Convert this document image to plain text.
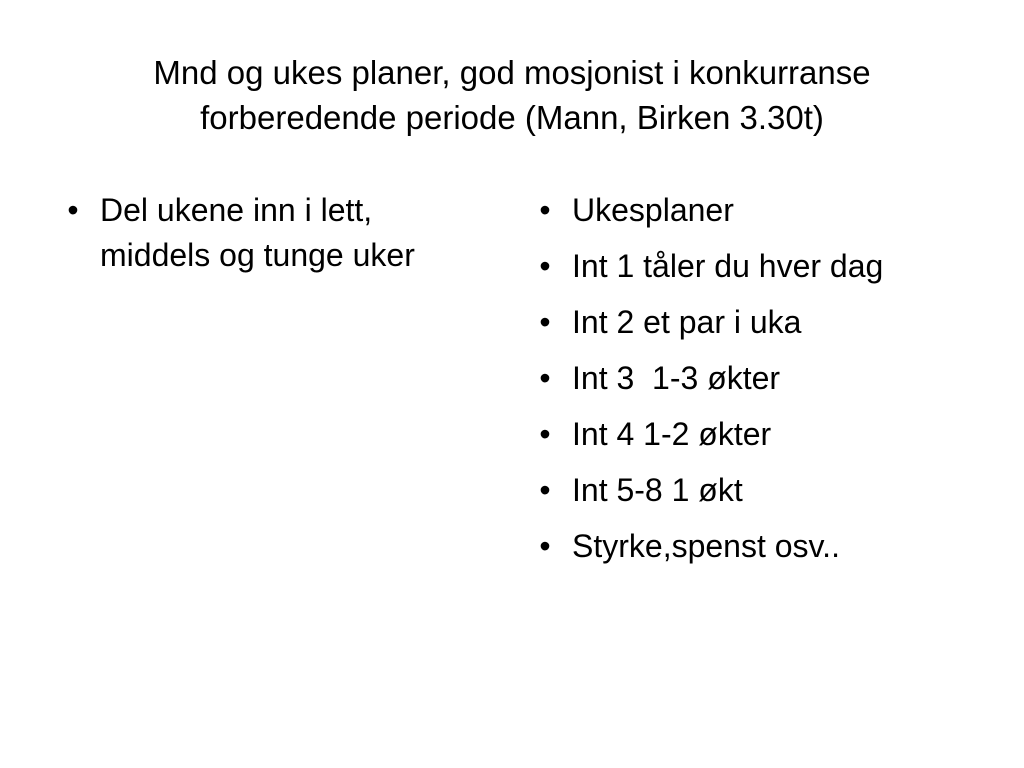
Mnd og ukes planer, god mosjonist i konkurranse
forberedende periode (Mann, Birken 3.30t)
• Del ukene inn i lett, middels og tunge uker
• Ukesplaner
• Int 1 tåler du hver dag
• Int 2 et par i uka
• Int 3  1-3 økter
• Int 4 1-2 økter
• Int 5-8 1 økt
• Styrke,spenst osv..
